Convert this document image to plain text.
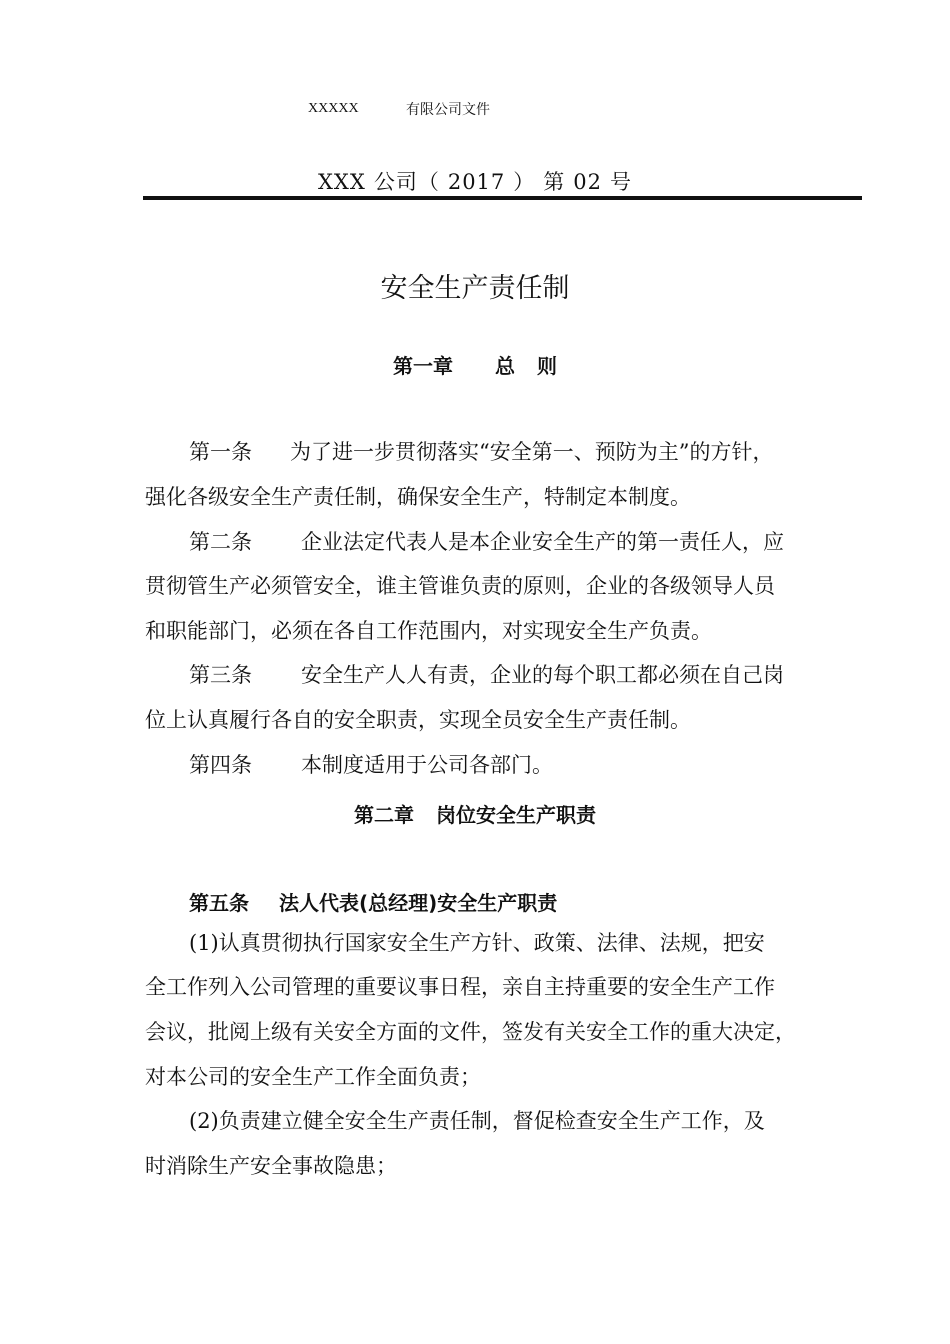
XXXXX	有限公司文件
XXX 公司（ 2017 ） 第 02 号
安全生产责任制
第一章 总 则
第一条 为了进一步贯彻落实“安全第一、预防为主”的方针，
强化各级安全生产责任制，确保安全生产，特制定本制度。
第二条 企业法定代表人是本企业安全生产的第一责任人，应
贯彻管生产必须管安全，谁主管谁负责的原则，企业的各级领导人员
和职能部门，必须在各自工作范围内，对实现安全生产负责。
第三条 安全生产人人有责，企业的每个职工都必须在自己岗
位上认真履行各自的安全职责，实现全员安全生产责任制。
第四条 本制度适用于公司各部门。
第二章 岗位安全生产职责
第五条 法人代表(总经理)安全生产职责
(1)认真贯彻执行国家安全生产方针、政策、法律、法规，把安
全工作列入公司管理的重要议事日程，亲自主持重要的安全生产工作
会议，批阅上级有关安全方面的文件，签发有关安全工作的重大决定，
对本公司的安全生产工作全面负责；
(2)负责建立健全安全生产责任制，督促检查安全生产工作，及
时消除生产安全事故隐患；
